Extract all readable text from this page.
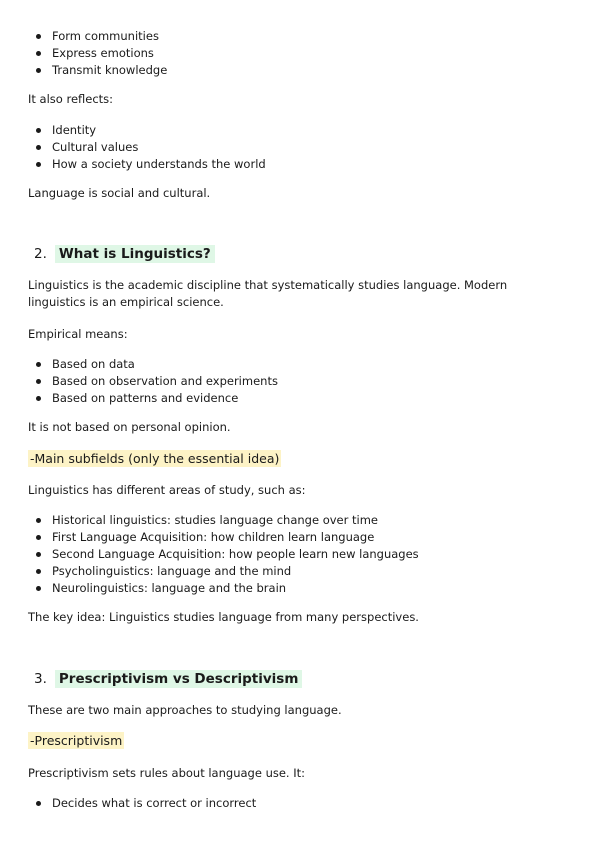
Form communities
Express emotions
Transmit knowledge

It also reflects:

Identity
Cultural values
How a society understands the world

Language is social and cultural.

2. What is Linguistics?

Linguistics is the academic discipline that systematically studies language. Modern linguistics is an empirical science.

Empirical means:

Based on data
Based on observation and experiments
Based on patterns and evidence

It is not based on personal opinion.

-Main subfields (only the essential idea)

Linguistics has different areas of study, such as:

Historical linguistics: studies language change over time
First Language Acquisition: how children learn language
Second Language Acquisition: how people learn new languages
Psycholinguistics: language and the mind
Neurolinguistics: language and the brain

The key idea: Linguistics studies language from many perspectives.

3. Prescriptivism vs Descriptivism

These are two main approaches to studying language.

-Prescriptivism

Prescriptivism sets rules about language use. It:

Decides what is correct or incorrect
